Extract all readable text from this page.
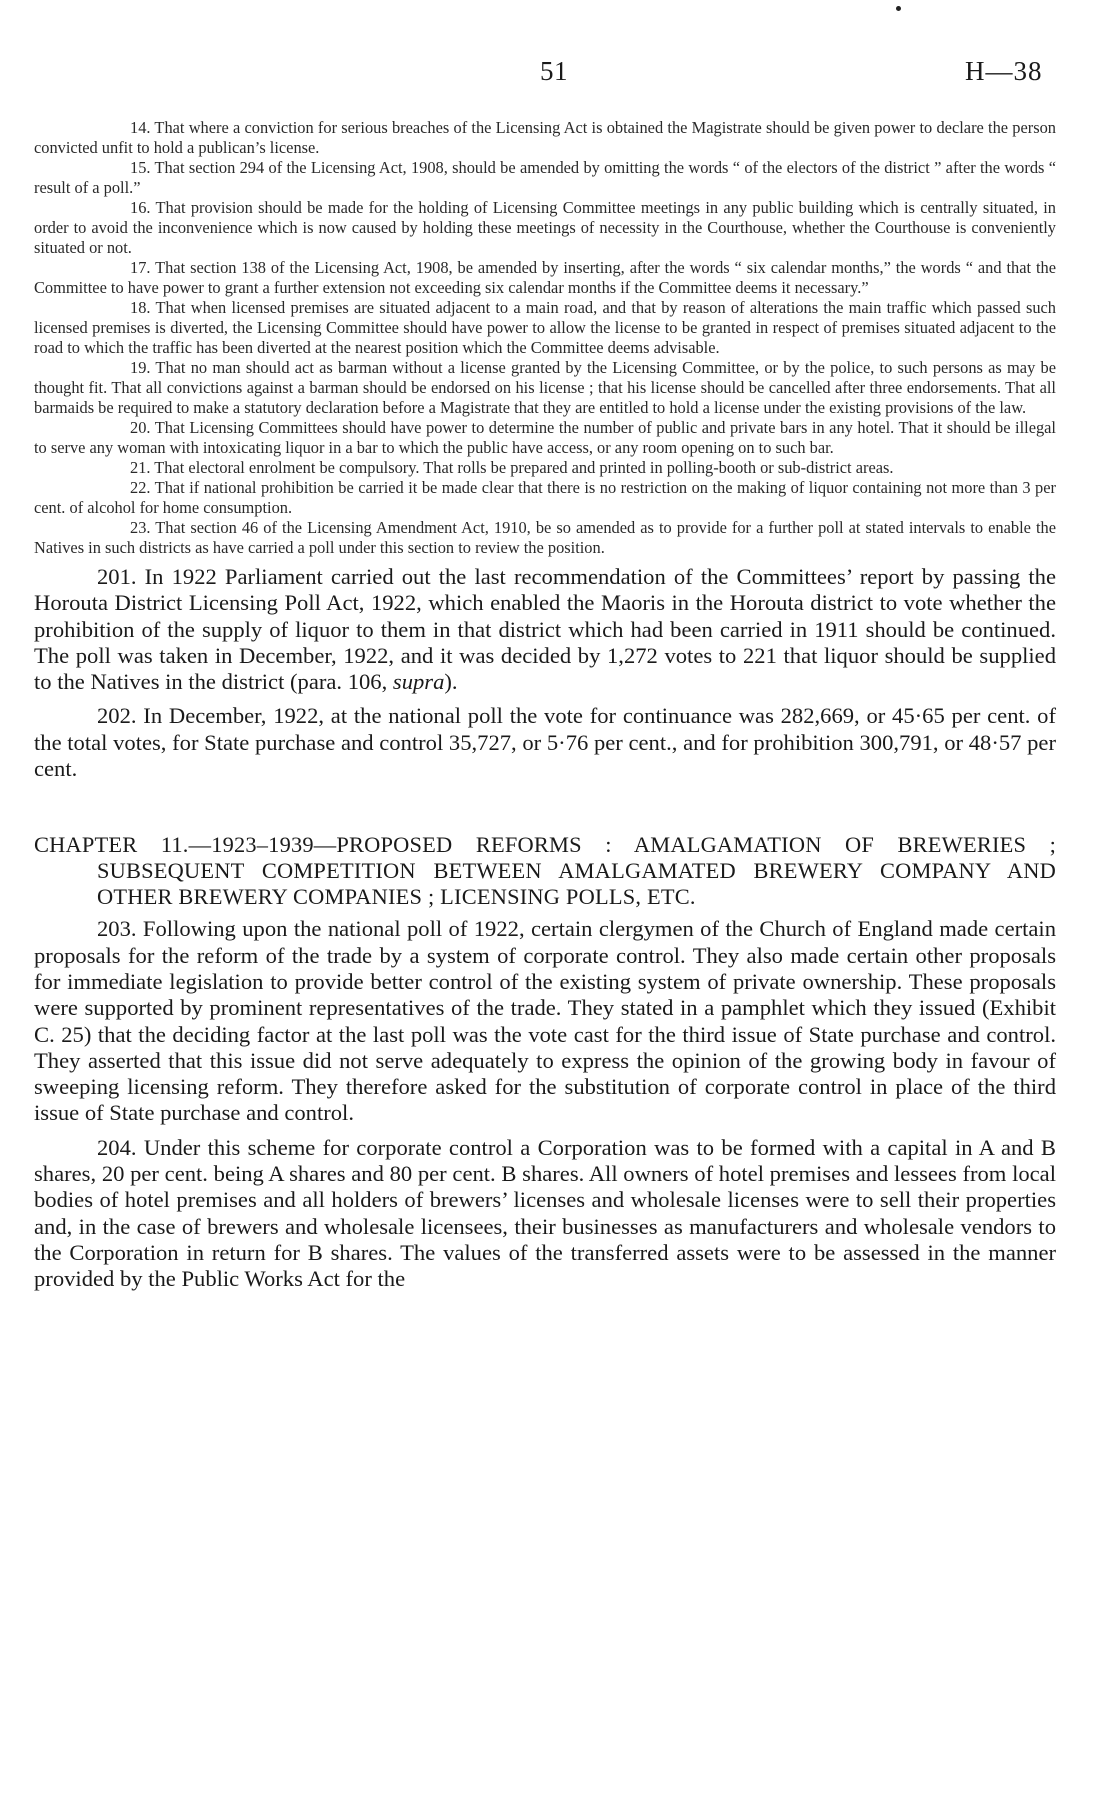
51	H—38

14. That where a conviction for serious breaches of the Licensing Act is obtained the Magistrate should be given power to declare the person convicted unfit to hold a publican’s license.

15. That section 294 of the Licensing Act, 1908, should be amended by omitting the words “ of the electors of the district ” after the words “ result of a poll.”

16. That provision should be made for the holding of Licensing Committee meetings in any public building which is centrally situated, in order to avoid the inconvenience which is now caused by holding these meetings of necessity in the Courthouse, whether the Courthouse is conveniently situated or not.

17. That section 138 of the Licensing Act, 1908, be amended by inserting, after the words “ six calendar months,” the words “ and that the Committee to have power to grant a further extension not exceeding six calendar months if the Committee deems it necessary.”

18. That when licensed premises are situated adjacent to a main road, and that by reason of alterations the main traffic which passed such licensed premises is diverted, the Licensing Committee should have power to allow the license to be granted in respect of premises situated adjacent to the road to which the traffic has been diverted at the nearest position which the Committee deems advisable.

19. That no man should act as barman without a license granted by the Licensing Committee, or by the police, to such persons as may be thought fit. That all convictions against a barman should be endorsed on his license ; that his license should be cancelled after three endorsements. That all barmaids be required to make a statutory declaration before a Magistrate that they are entitled to hold a license under the existing provisions of the law.

20. That Licensing Committees should have power to determine the number of public and private bars in any hotel. That it should be illegal to serve any woman with intoxicating liquor in a bar to which the public have access, or any room opening on to such bar.

21. That electoral enrolment be compulsory. That rolls be prepared and printed in polling-booth or sub-district areas.

22. That if national prohibition be carried it be made clear that there is no restriction on the making of liquor containing not more than 3 per cent. of alcohol for home consumption.

23. That section 46 of the Licensing Amendment Act, 1910, be so amended as to provide for a further poll at stated intervals to enable the Natives in such districts as have carried a poll under this section to review the position.

201. In 1922 Parliament carried out the last recommendation of the Committees’ report by passing the Horouta District Licensing Poll Act, 1922, which enabled the Maoris in the Horouta district to vote whether the prohibition of the supply of liquor to them in that district which had been carried in 1911 should be continued. The poll was taken in December, 1922, and it was decided by 1,272 votes to 221 that liquor should be supplied to the Natives in the district (para. 106, supra).

202. In December, 1922, at the national poll the vote for continuance was 282,669, or 45·65 per cent. of the total votes, for State purchase and control 35,727, or 5·76 per cent., and for prohibition 300,791, or 48·57 per cent.

CHAPTER 11.—1923–1939—PROPOSED REFORMS : AMALGAMATION OF BREWERIES ; SUBSEQUENT COMPETITION BETWEEN AMALGAMATED BREWERY COMPANY AND OTHER BREWERY COMPANIES ; LICENSING POLLS, ETC.

203. Following upon the national poll of 1922, certain clergymen of the Church of England made certain proposals for the reform of the trade by a system of corporate control. They also made certain other proposals for immediate legislation to provide better control of the existing system of private ownership. These proposals were supported by prominent representatives of the trade. They stated in a pamphlet which they issued (Exhibit C. 25) that the deciding factor at the last poll was the vote cast for the third issue of State purchase and control. They asserted that this issue did not serve adequately to express the opinion of the growing body in favour of sweeping licensing reform. They therefore asked for the substitution of corporate control in place of the third issue of State purchase and control.

204. Under this scheme for corporate control a Corporation was to be formed with a capital in A and B shares, 20 per cent. being A shares and 80 per cent. B shares. All owners of hotel premises and lessees from local bodies of hotel premises and all holders of brewers’ licenses and wholesale licenses were to sell their properties and, in the case of brewers and wholesale licensees, their businesses as manufacturers and wholesale vendors to the Corporation in return for B shares. The values of the transferred assets were to be assessed in the manner provided by the Public Works Act for the
